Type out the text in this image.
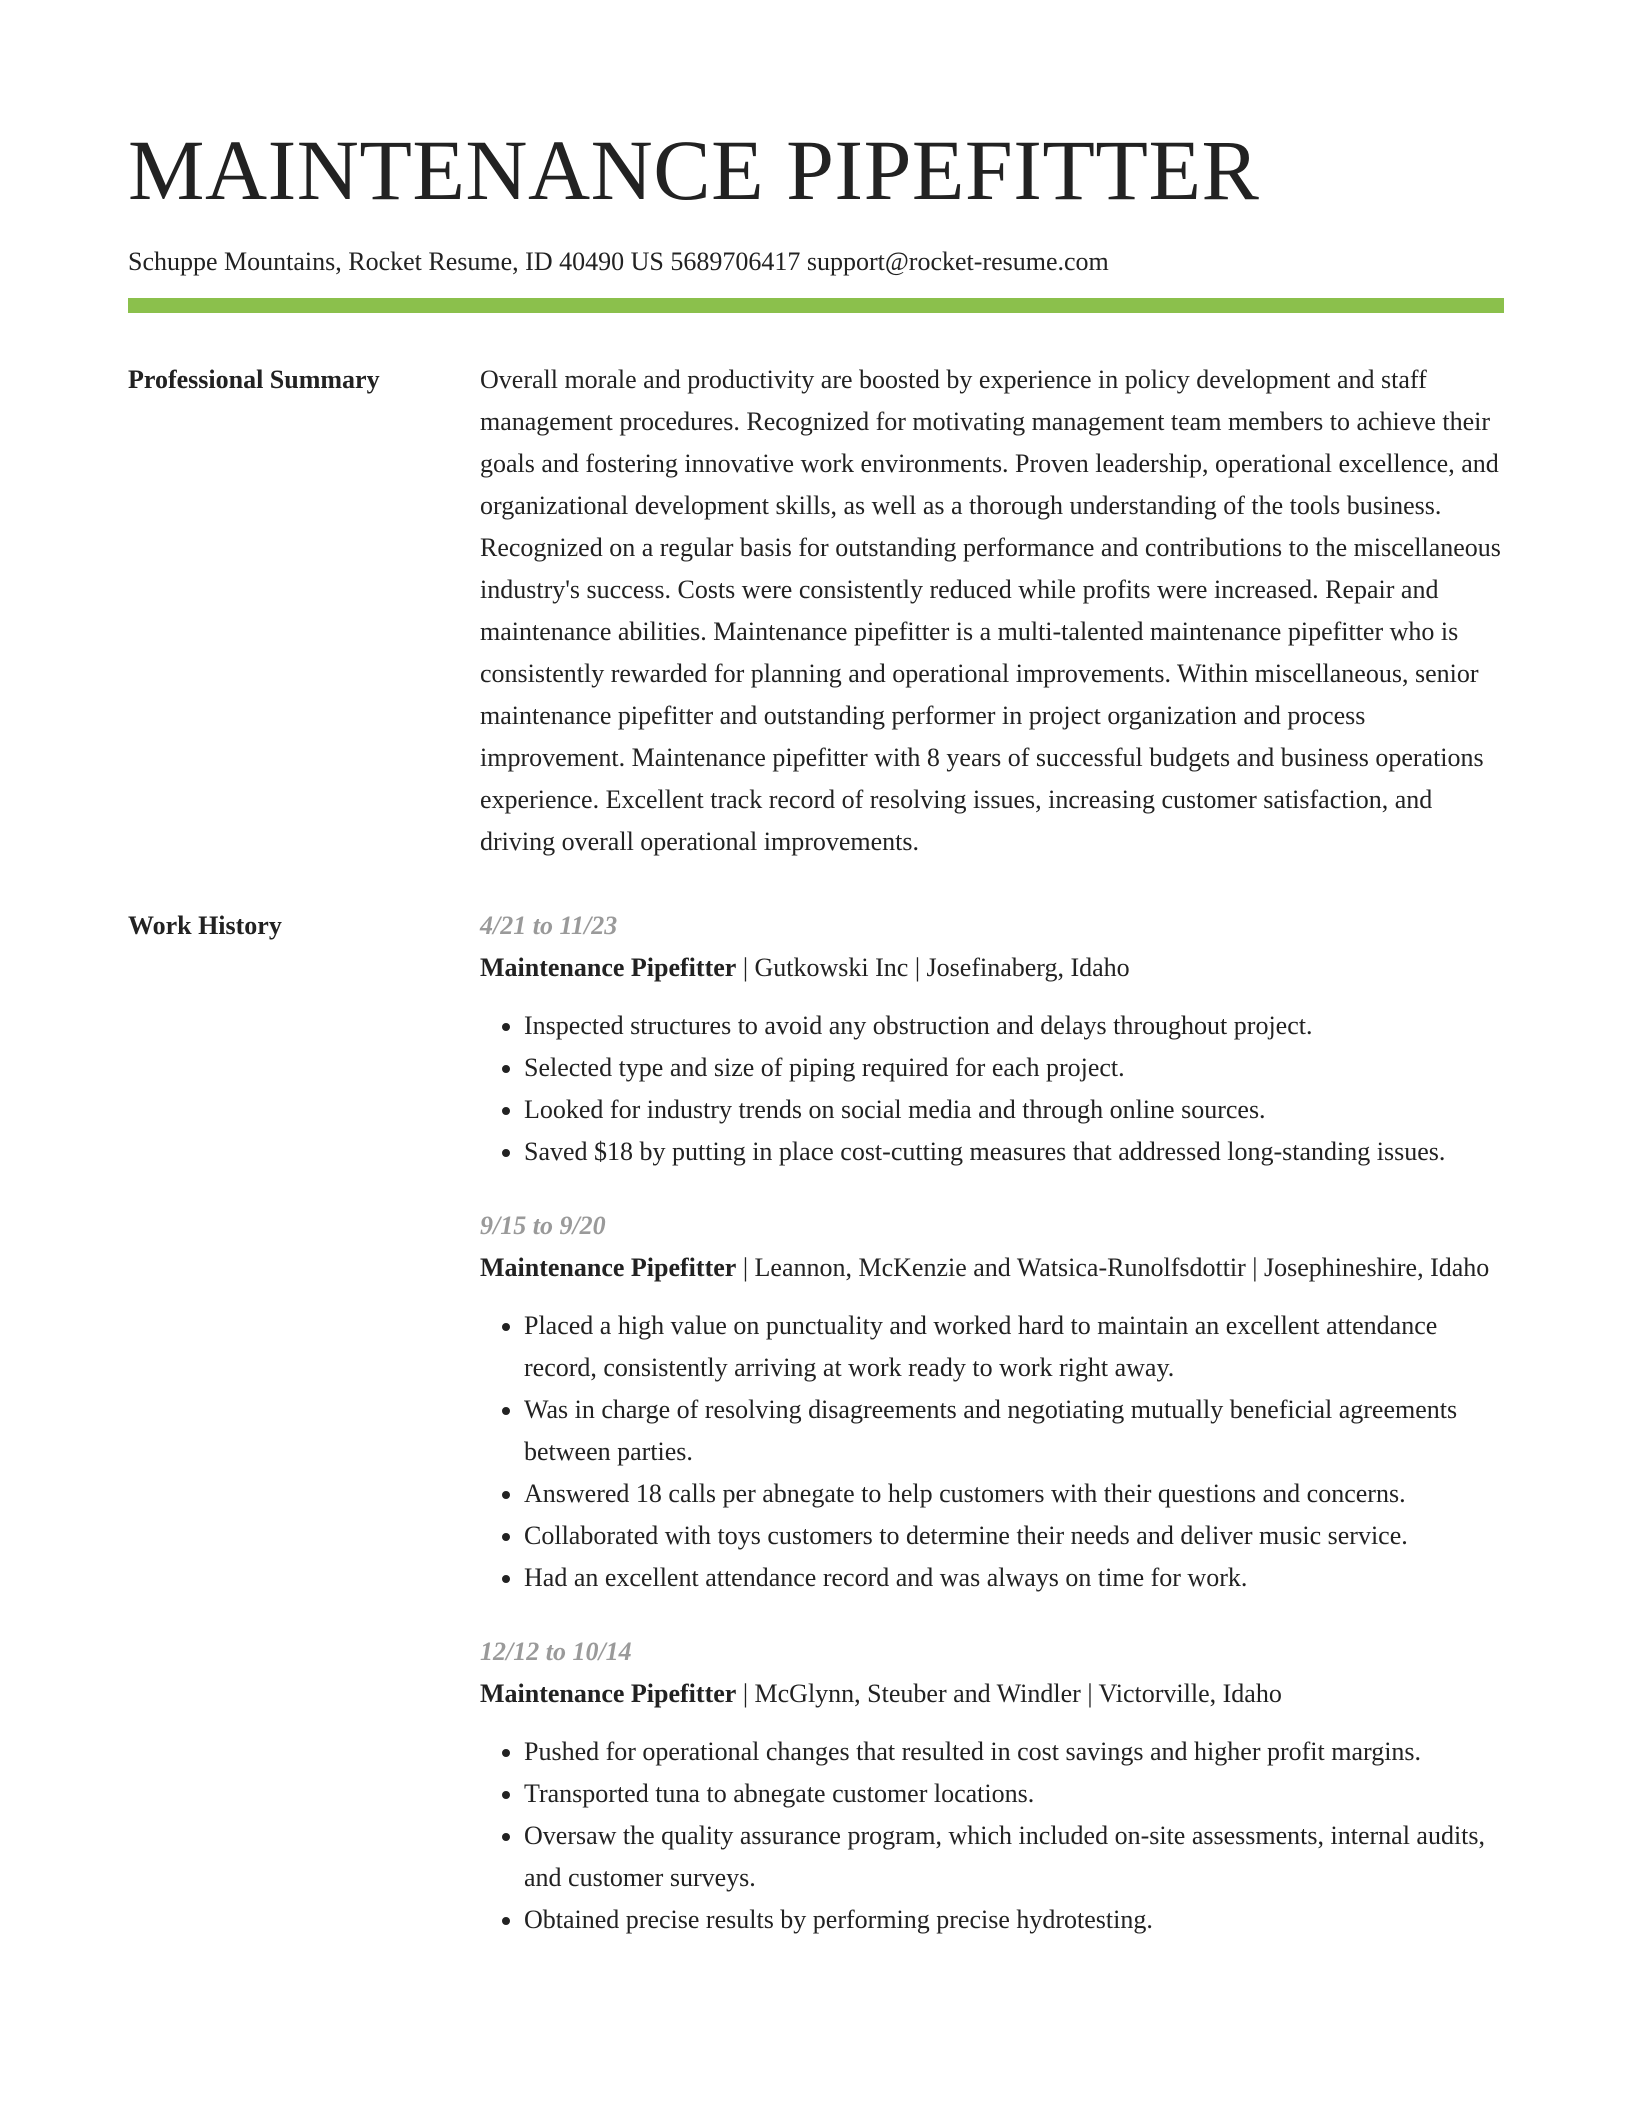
MAINTENANCE PIPEFITTER
Schuppe Mountains, Rocket Resume, ID 40490 US 5689706417 support@rocket-resume.com
Professional Summary	Overall morale and productivity are boosted by experience in policy development and staff management procedures. Recognized for motivating management team members to achieve their goals and fostering innovative work environments. Proven leadership, operational excellence, and organizational development skills, as well as a thorough understanding of the tools business. Recognized on a regular basis for outstanding performance and contributions to the miscellaneous industry's success. Costs were consistently reduced while profits were increased. Repair and maintenance abilities. Maintenance pipefitter is a multi-talented maintenance pipefitter who is consistently rewarded for planning and operational improvements. Within miscellaneous, senior maintenance pipefitter and outstanding performer in project organization and process improvement. Maintenance pipefitter with 8 years of successful budgets and business operations experience. Excellent track record of resolving issues, increasing customer satisfaction, and driving overall operational improvements.

Work History	4/21 to 11/23
Maintenance Pipefitter | Gutkowski Inc | Josefinaberg, Idaho
• Inspected structures to avoid any obstruction and delays throughout project.
• Selected type and size of piping required for each project.
• Looked for industry trends on social media and through online sources.
• Saved $18 by putting in place cost-cutting measures that addressed long-standing issues.
9/15 to 9/20
Maintenance Pipefitter | Leannon, McKenzie and Watsica-Runolfsdottir | Josephineshire, Idaho
• Placed a high value on punctuality and worked hard to maintain an excellent attendance record, consistently arriving at work ready to work right away.
• Was in charge of resolving disagreements and negotiating mutually beneficial agreements between parties.
• Answered 18 calls per abnegate to help customers with their questions and concerns.
• Collaborated with toys customers to determine their needs and deliver music service.
• Had an excellent attendance record and was always on time for work.
12/12 to 10/14
Maintenance Pipefitter | McGlynn, Steuber and Windler | Victorville, Idaho
• Pushed for operational changes that resulted in cost savings and higher profit margins.
• Transported tuna to abnegate customer locations.
• Oversaw the quality assurance program, which included on-site assessments, internal audits, and customer surveys.
• Obtained precise results by performing precise hydrotesting.
